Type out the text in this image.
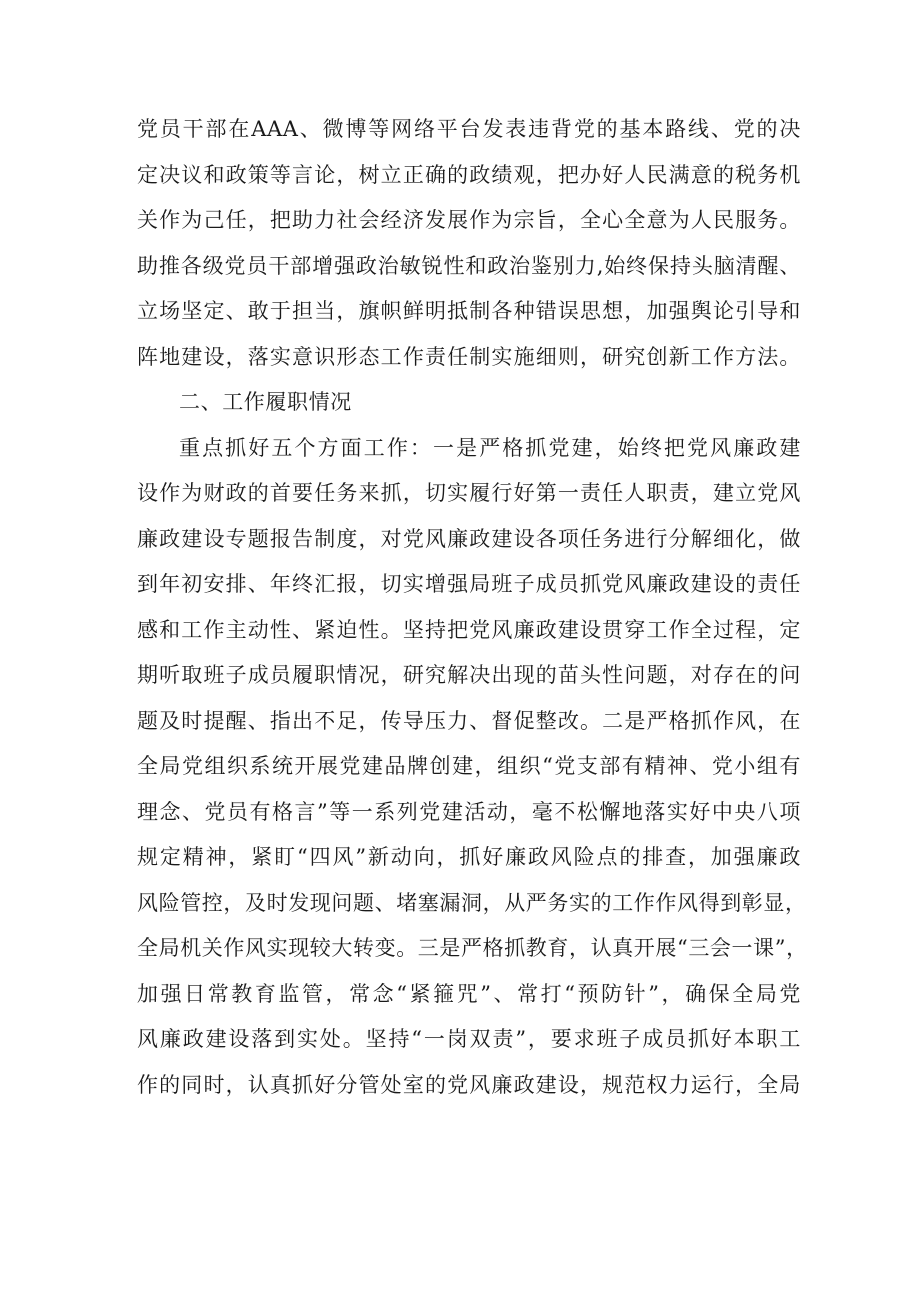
党员干部在AAA、微博等网络平台发表违背党的基本路线、党的决
定决议和政策等言论，树立正确的政绩观，把办好人民满意的税务机
关作为己任，把助力社会经济发展作为宗旨，全心全意为人民服务。
助推各级党员干部增强政治敏锐性和政治鉴别力,始终保持头脑清醒、
立场坚定、敢于担当，旗帜鲜明抵制各种错误思想，加强舆论引导和
阵地建设，落实意识形态工作责任制实施细则，研究创新工作方法。
二、工作履职情况
重点抓好五个方面工作：一是严格抓党建，始终把党风廉政建
设作为财政的首要任务来抓，切实履行好第一责任人职责，建立党风
廉政建设专题报告制度，对党风廉政建设各项任务进行分解细化，做
到年初安排、年终汇报，切实增强局班子成员抓党风廉政建设的责任
感和工作主动性、紧迫性。坚持把党风廉政建设贯穿工作全过程，定
期听取班子成员履职情况，研究解决出现的苗头性问题，对存在的问
题及时提醒、指出不足，传导压力、督促整改。二是严格抓作风，在
全局党组织系统开展党建品牌创建，组织“党支部有精神、党小组有
理念、党员有格言”等一系列党建活动，毫不松懈地落实好中央八项
规定精神，紧盯“四风”新动向，抓好廉政风险点的排查，加强廉政
风险管控，及时发现问题、堵塞漏洞，从严务实的工作作风得到彰显，
全局机关作风实现较大转变。三是严格抓教育，认真开展“三会一课”，
加强日常教育监管，常念“紧箍咒”、常打“预防针”，确保全局党
风廉政建设落到实处。坚持“一岗双责”，要求班子成员抓好本职工
作的同时，认真抓好分管处室的党风廉政建设，规范权力运行，全局
